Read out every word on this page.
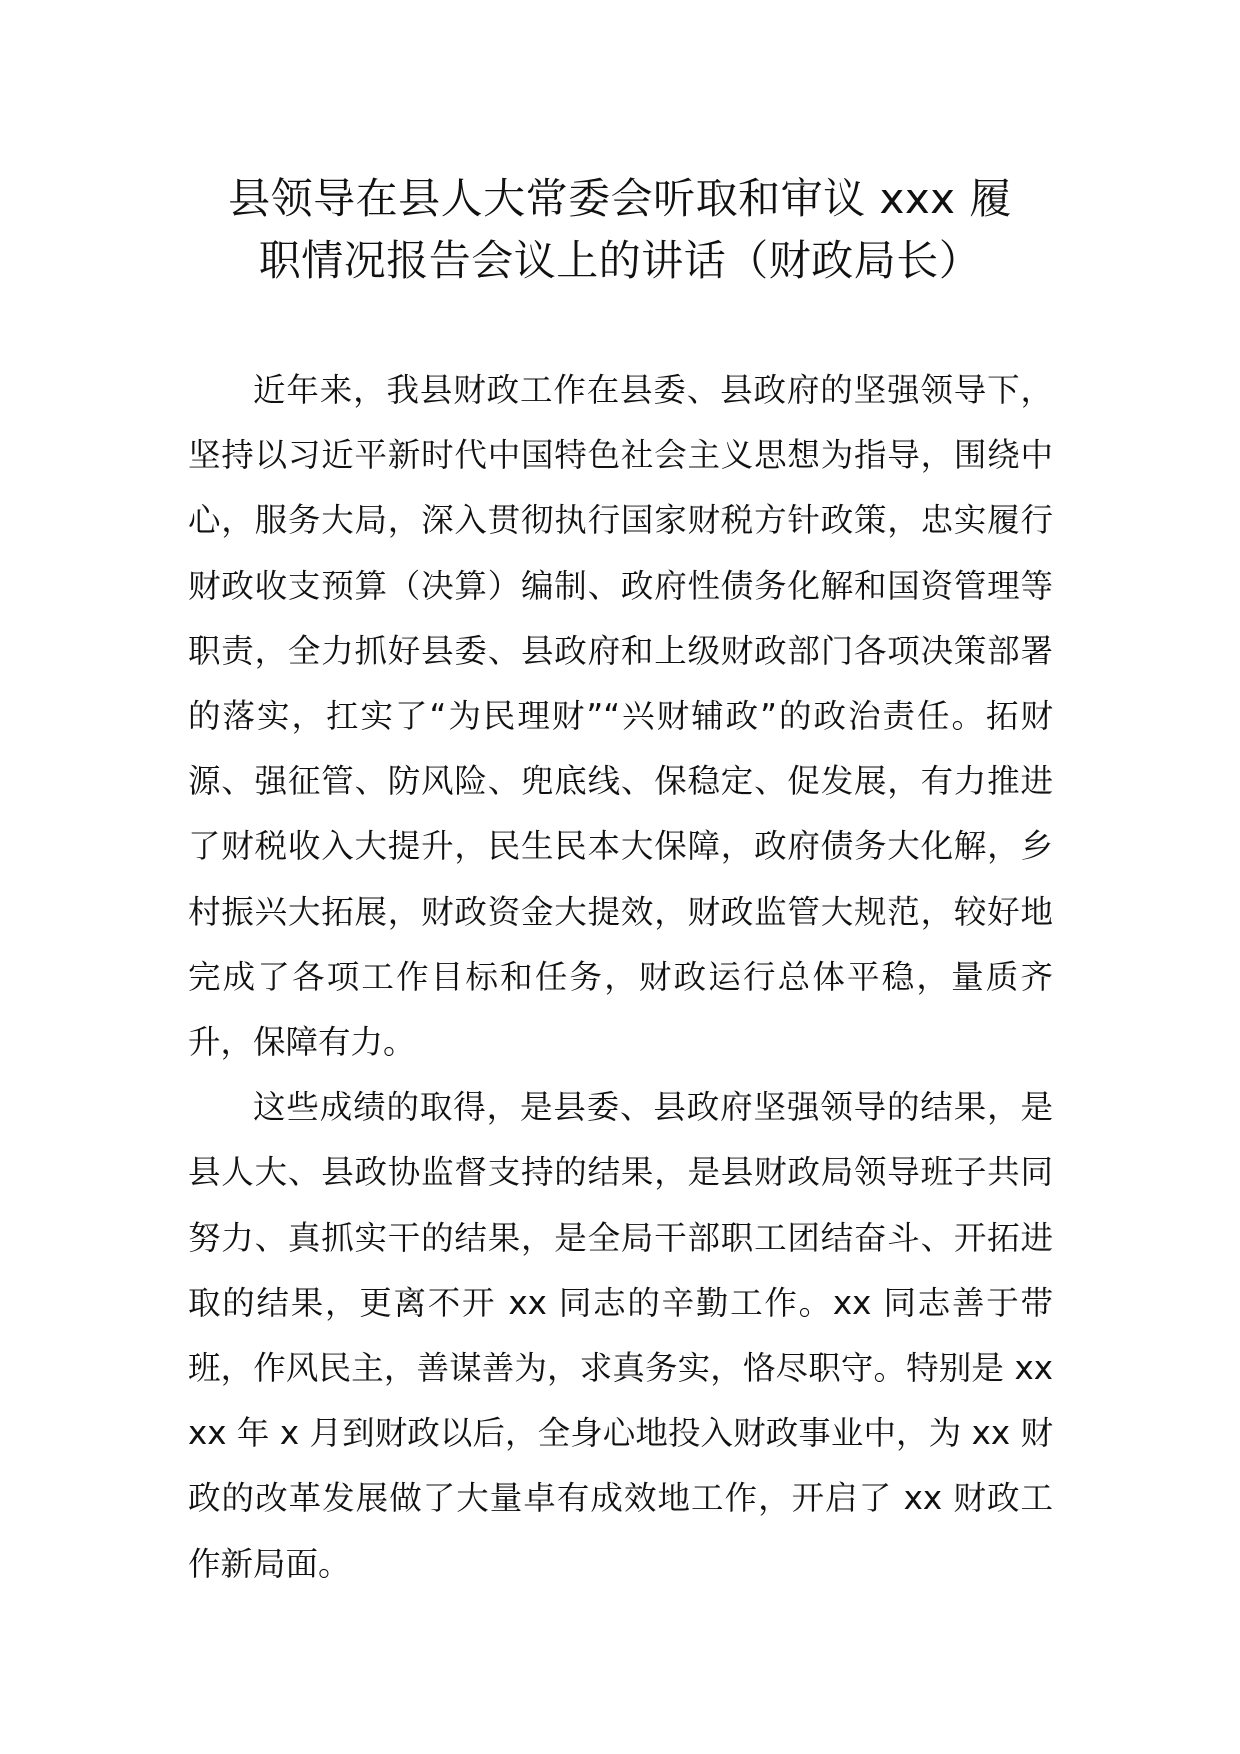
县领导在县人大常委会听取和审议 xxx 履
职情况报告会议上的讲话（财政局长）

近年来，我县财政工作在县委、县政府的坚强领导下，坚持以习近平新时代中国特色社会主义思想为指导，围绕中心，服务大局，深入贯彻执行国家财税方针政策，忠实履行财政收支预算（决算）编制、政府性债务化解和国资管理等职责，全力抓好县委、县政府和上级财政部门各项决策部署的落实，扛实了“为民理财”“兴财辅政”的政治责任。拓财源、强征管、防风险、兜底线、保稳定、促发展，有力推进了财税收入大提升，民生民本大保障，政府债务大化解，乡村振兴大拓展，财政资金大提效，财政监管大规范，较好地完成了各项工作目标和任务，财政运行总体平稳，量质齐升，保障有力。

这些成绩的取得，是县委、县政府坚强领导的结果，是县人大、县政协监督支持的结果，是县财政局领导班子共同努力、真抓实干的结果，是全局干部职工团结奋斗、开拓进取的结果，更离不开 xx 同志的辛勤工作。xx 同志善于带班，作风民主，善谋善为，求真务实，恪尽职守。特别是 xxxx 年 x 月到财政以后，全身心地投入财政事业中，为 xx 财政的改革发展做了大量卓有成效地工作，开启了 xx 财政工作新局面。
